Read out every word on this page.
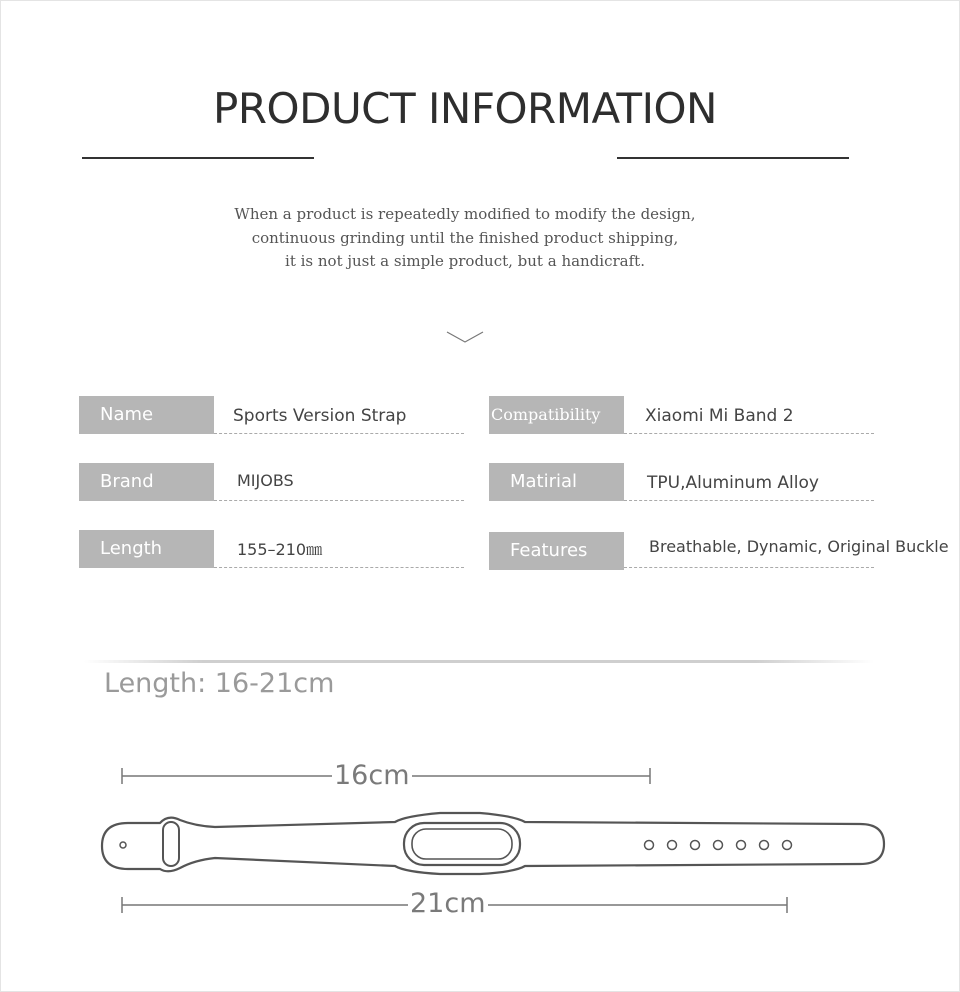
PRODUCT INFORMATION
When a product is repeatedly modified to modify the design,
continuous grinding until the finished product shipping,
it is not just a simple product, but a handicraft.
Name	Sports Version Strap	Compatibility	Xiaomi Mi Band 2
Brand	MIJOBS	Matirial	TPU,Aluminum Alloy
Length	155–210㎜	Features	Breathable, Dynamic, Original Buckle
Length: 16-21cm
16cm
21cm
